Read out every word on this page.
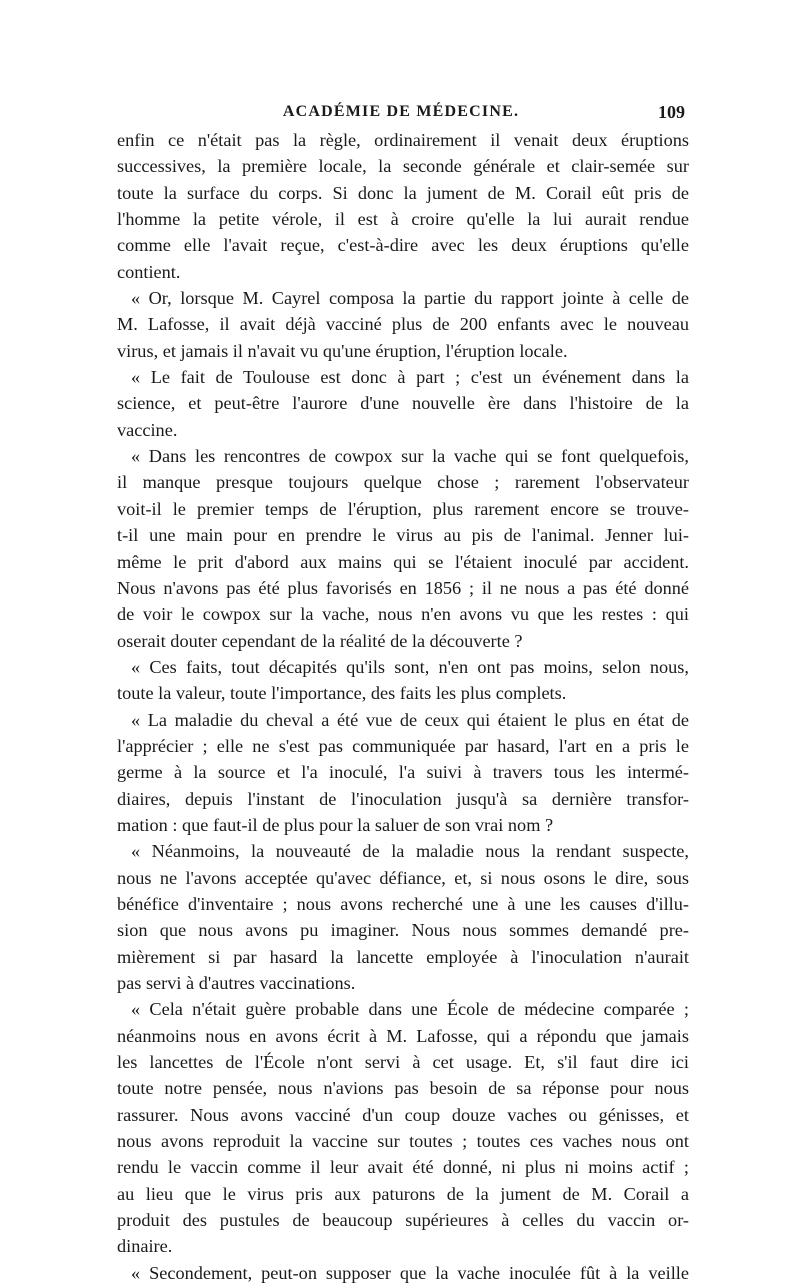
ACADÉMIE DE MÉDECINE.	109
enfin ce n'était pas la règle, ordinairement il venait deux éruptions
successives, la première locale, la seconde générale et clair-semée sur
toute la surface du corps. Si donc la jument de M. Corail eût pris de
l'homme la petite vérole, il est à croire qu'elle la lui aurait rendue
comme elle l'avait reçue, c'est-à-dire avec les deux éruptions qu'elle
contient.
« Or, lorsque M. Cayrel composa la partie du rapport jointe à celle de
M. Lafosse, il avait déjà vacciné plus de 200 enfants avec le nouveau
virus, et jamais il n'avait vu qu'une éruption, l'éruption locale.
« Le fait de Toulouse est donc à part ; c'est un événement dans la
science, et peut-être l'aurore d'une nouvelle ère dans l'histoire de la
vaccine.
« Dans les rencontres de cowpox sur la vache qui se font quelquefois,
il manque presque toujours quelque chose ; rarement l'observateur
voit-il le premier temps de l'éruption, plus rarement encore se trouve-
t-il une main pour en prendre le virus au pis de l'animal. Jenner lui-
même le prit d'abord aux mains qui se l'étaient inoculé par accident.
Nous n'avons pas été plus favorisés en 1856 ; il ne nous a pas été donné
de voir le cowpox sur la vache, nous n'en avons vu que les restes : qui
oserait douter cependant de la réalité de la découverte ?
« Ces faits, tout décapités qu'ils sont, n'en ont pas moins, selon nous,
toute la valeur, toute l'importance, des faits les plus complets.
« La maladie du cheval a été vue de ceux qui étaient le plus en état de
l'apprécier ; elle ne s'est pas communiquée par hasard, l'art en a pris le
germe à la source et l'a inoculé, l'a suivi à travers tous les intermé-
diaires, depuis l'instant de l'inoculation jusqu'à sa dernière transfor-
mation : que faut-il de plus pour la saluer de son vrai nom ?
« Néanmoins, la nouveauté de la maladie nous la rendant suspecte,
nous ne l'avons acceptée qu'avec défiance, et, si nous osons le dire, sous
bénéfice d'inventaire ; nous avons recherché une à une les causes d'illu-
sion que nous avons pu imaginer. Nous nous sommes demandé pre-
mièrement si par hasard la lancette employée à l'inoculation n'aurait
pas servi à d'autres vaccinations.
« Cela n'était guère probable dans une École de médecine comparée ;
néanmoins nous en avons écrit à M. Lafosse, qui a répondu que jamais
les lancettes de l'École n'ont servi à cet usage. Et, s'il faut dire ici
toute notre pensée, nous n'avions pas besoin de sa réponse pour nous
rassurer. Nous avons vacciné d'un coup douze vaches ou génisses, et
nous avons reproduit la vaccine sur toutes ; toutes ces vaches nous ont
rendu le vaccin comme il leur avait été donné, ni plus ni moins actif ;
au lieu que le virus pris aux paturons de la jument de M. Corail a
produit des pustules de beaucoup supérieures à celles du vaccin or-
dinaire.
« Secondement, peut-on supposer que la vache inoculée fût à la veille
